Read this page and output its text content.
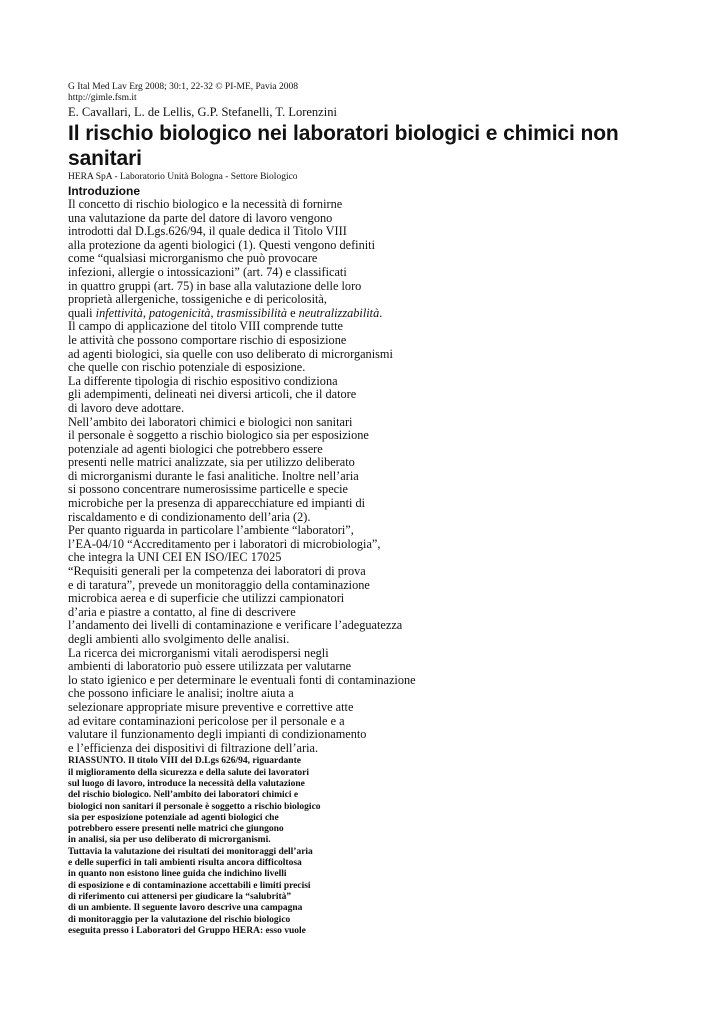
G Ital Med Lav Erg 2008; 30:1, 22-32 © PI-ME, Pavia 2008
http://gimle.fsm.it
E. Cavallari, L. de Lellis, G.P. Stefanelli, T. Lorenzini
Il rischio biologico nei laboratori biologici e chimici non sanitari
HERA SpA - Laboratorio Unità Bologna - Settore Biologico
Introduzione
Il concetto di rischio biologico e la necessità di fornirne
una valutazione da parte del datore di lavoro vengono
introdotti dal D.Lgs.626/94, il quale dedica il Titolo VIII
alla protezione da agenti biologici (1). Questi vengono definiti
come “qualsiasi microrganismo che può provocare
infezioni, allergie o intossicazioni” (art. 74) e classificati
in quattro gruppi (art. 75) in base alla valutazione delle loro
proprietà allergeniche, tossigeniche e di pericolosità,
quali infettività, patogenicità, trasmissibilità e neutralizzabilità.
Il campo di applicazione del titolo VIII comprende tutte
le attività che possono comportare rischio di esposizione
ad agenti biologici, sia quelle con uso deliberato di microrganismi
che quelle con rischio potenziale di esposizione.
La differente tipologia di rischio espositivo condiziona
gli adempimenti, delineati nei diversi articoli, che il datore
di lavoro deve adottare.
Nell’ambito dei laboratori chimici e biologici non sanitari
il personale è soggetto a rischio biologico sia per esposizione
potenziale ad agenti biologici che potrebbero essere
presenti nelle matrici analizzate, sia per utilizzo deliberato
di microrganismi durante le fasi analitiche. Inoltre nell’aria
si possono concentrare numerosissime particelle e specie
microbiche per la presenza di apparecchiature ed impianti di
riscaldamento e di condizionamento dell’aria (2).
Per quanto riguarda in particolare l’ambiente “laboratori”,
l’EA-04/10 “Accreditamento per i laboratori di microbiologia”,
che integra la UNI CEI EN ISO/IEC 17025
“Requisiti generali per la competenza dei laboratori di prova
e di taratura”, prevede un monitoraggio della contaminazione
microbica aerea e di superficie che utilizzi campionatori
d’aria e piastre a contatto, al fine di descrivere
l’andamento dei livelli di contaminazione e verificare l’adeguatezza
degli ambienti allo svolgimento delle analisi.
La ricerca dei microrganismi vitali aerodispersi negli
ambienti di laboratorio può essere utilizzata per valutarne
lo stato igienico e per determinare le eventuali fonti di contaminazione
che possono inficiare le analisi; inoltre aiuta a
selezionare appropriate misure preventive e correttive atte
ad evitare contaminazioni pericolose per il personale e a
valutare il funzionamento degli impianti di condizionamento
e l’efficienza dei dispositivi di filtrazione dell’aria.
RIASSUNTO. Il titolo VIII del D.Lgs 626/94, riguardante
il miglioramento della sicurezza e della salute dei lavoratori
sul luogo di lavoro, introduce la necessità della valutazione
del rischio biologico. Nell’ambito dei laboratori chimici e
biologici non sanitari il personale è soggetto a rischio biologico
sia per esposizione potenziale ad agenti biologici che
potrebbero essere presenti nelle matrici che giungono
in analisi, sia per uso deliberato di microrganismi.
Tuttavia la valutazione dei risultati dei monitoraggi dell’aria
e delle superfici in tali ambienti risulta ancora difficoltosa
in quanto non esistono linee guida che indichino livelli
di esposizione e di contaminazione accettabili e limiti precisi
di riferimento cui attenersi per giudicare la “salubrità”
di un ambiente. Il seguente lavoro descrive una campagna
di monitoraggio per la valutazione del rischio biologico
eseguita presso i Laboratori del Gruppo HERA: esso vuole
